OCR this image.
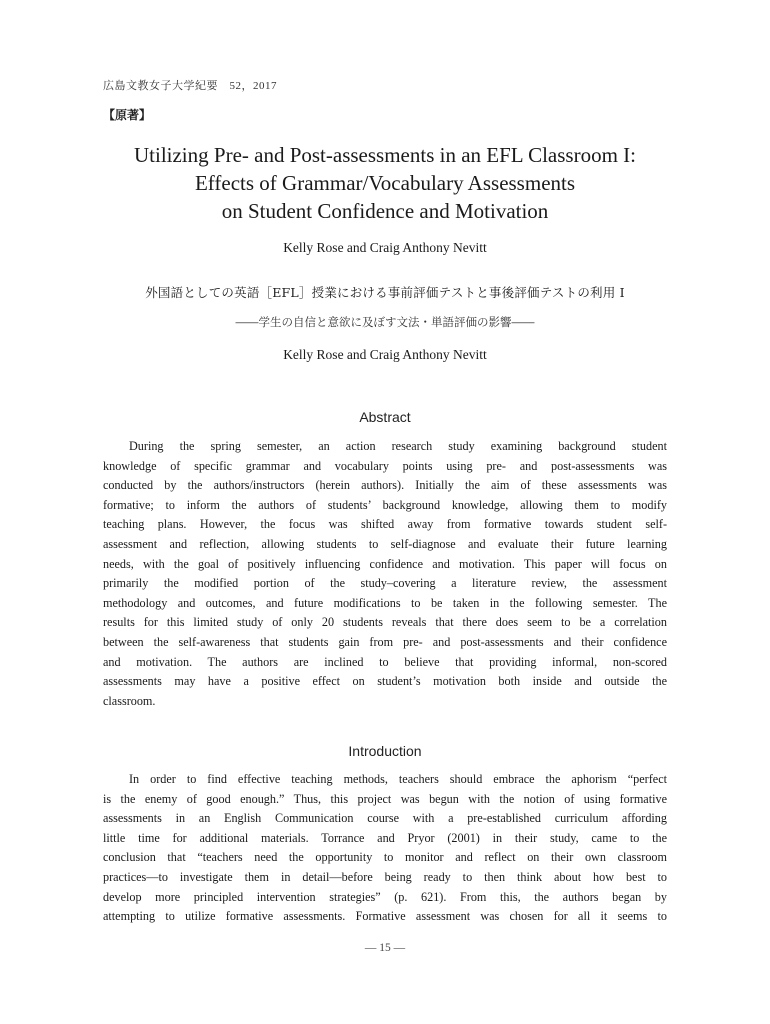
広島文教女子大学紀要　52，2017
【原著】
Utilizing Pre- and Post-assessments in an EFL Classroom I:
Effects of Grammar/Vocabulary Assessments
on Student Confidence and Motivation
Kelly Rose and Craig Anthony Nevitt
外国語としての英語［EFL］授業における事前評価テストと事後評価テストの利用 I
――学生の自信と意欲に及ぼす文法・単語評価の影響――
Kelly Rose and Craig Anthony Nevitt
Abstract
During the spring semester, an action research study examining background student
knowledge of specific grammar and vocabulary points using pre- and post-assessments was
conducted by the authors/instructors (herein authors). Initially the aim of these assessments was
formative; to inform the authors of students’ background knowledge, allowing them to modify
teaching plans. However, the focus was shifted away from formative towards student self-
assessment and reflection, allowing students to self-diagnose and evaluate their future learning
needs, with the goal of positively influencing confidence and motivation. This paper will focus on
primarily the modified portion of the study–covering a literature review, the assessment
methodology and outcomes, and future modifications to be taken in the following semester. The
results for this limited study of only 20 students reveals that there does seem to be a correlation
between the self-awareness that students gain from pre- and post-assessments and their confidence
and motivation. The authors are inclined to believe that providing informal, non-scored
assessments may have a positive effect on student’s motivation both inside and outside the
classroom.
Introduction
In order to find effective teaching methods, teachers should embrace the aphorism “perfect
is the enemy of good enough.” Thus, this project was begun with the notion of using formative
assessments in an English Communication course with a pre-established curriculum affording
little time for additional materials. Torrance and Pryor (2001) in their study, came to the
conclusion that “teachers need the opportunity to monitor and reflect on their own classroom
practices—to investigate them in detail—before being ready to then think about how best to
develop more principled intervention strategies” (p. 621). From this, the authors began by
attempting to utilize formative assessments. Formative assessment was chosen for all it seems to
— 15 —
